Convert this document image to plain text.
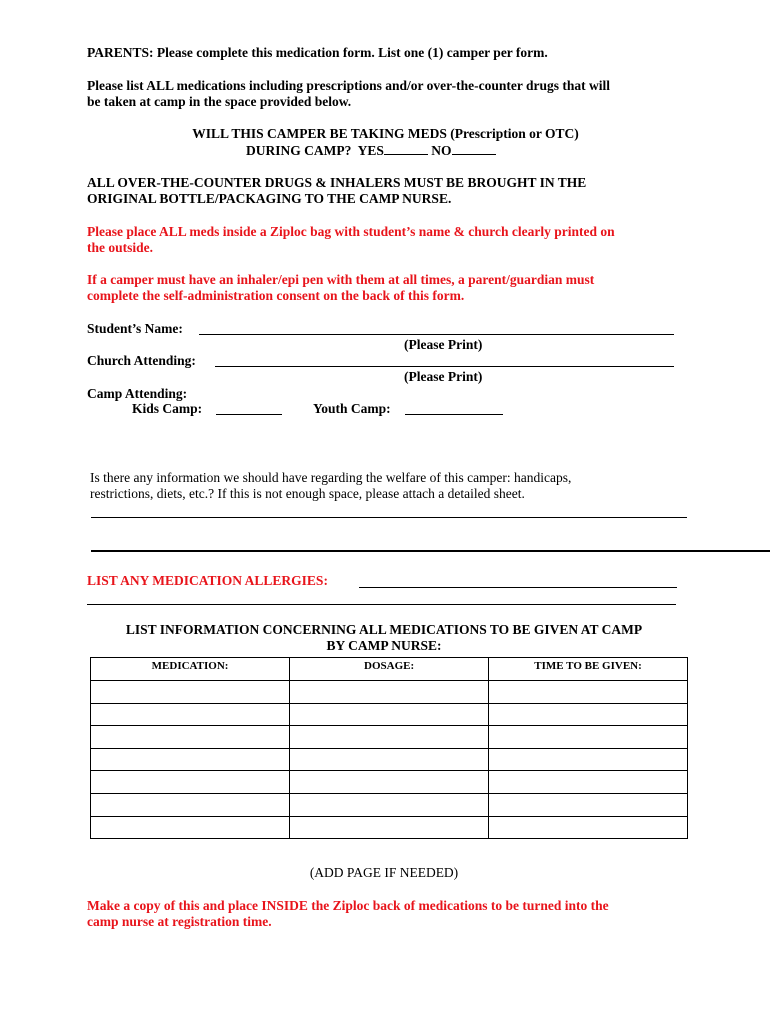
PARENTS: Please complete this medication form. List one (1) camper per form.

Please list ALL medications including prescriptions and/or over-the-counter drugs that will

be taken at camp in the space provided below.

WILL THIS CAMPER BE TAKING MEDS (Prescription or OTC)

DURING CAMP? YES	NO

ALL OVER-THE-COUNTER DRUGS & INHALERS MUST BE BROUGHT IN THE

ORIGINAL BOTTLE/PACKAGING TO THE CAMP NURSE.

Please place ALL meds inside a Ziploc bag with student’s name & church clearly printed on

the outside.

If a camper must have an inhaler/epi pen with them at all times, a parent/guardian must

complete the self-administration consent on the back of this form.

Student’s Name:

(Please Print)

Church Attending:

(Please Print)

Camp Attending:

Kids Camp:	Youth Camp:

Is there any information we should have regarding the welfare of this camper: handicaps,

restrictions, diets, etc.? If this is not enough space, please attach a detailed sheet.

LIST ANY MEDICATION ALLERGIES:

LIST INFORMATION CONCERNING ALL MEDICATIONS TO BE GIVEN AT CAMP

BY CAMP NURSE:

MEDICATION:	DOSAGE:	TIME TO BE GIVEN:

(ADD PAGE IF NEEDED)

Make a copy of this and place INSIDE the Ziploc back of medications to be turned into the

camp nurse at registration time.
